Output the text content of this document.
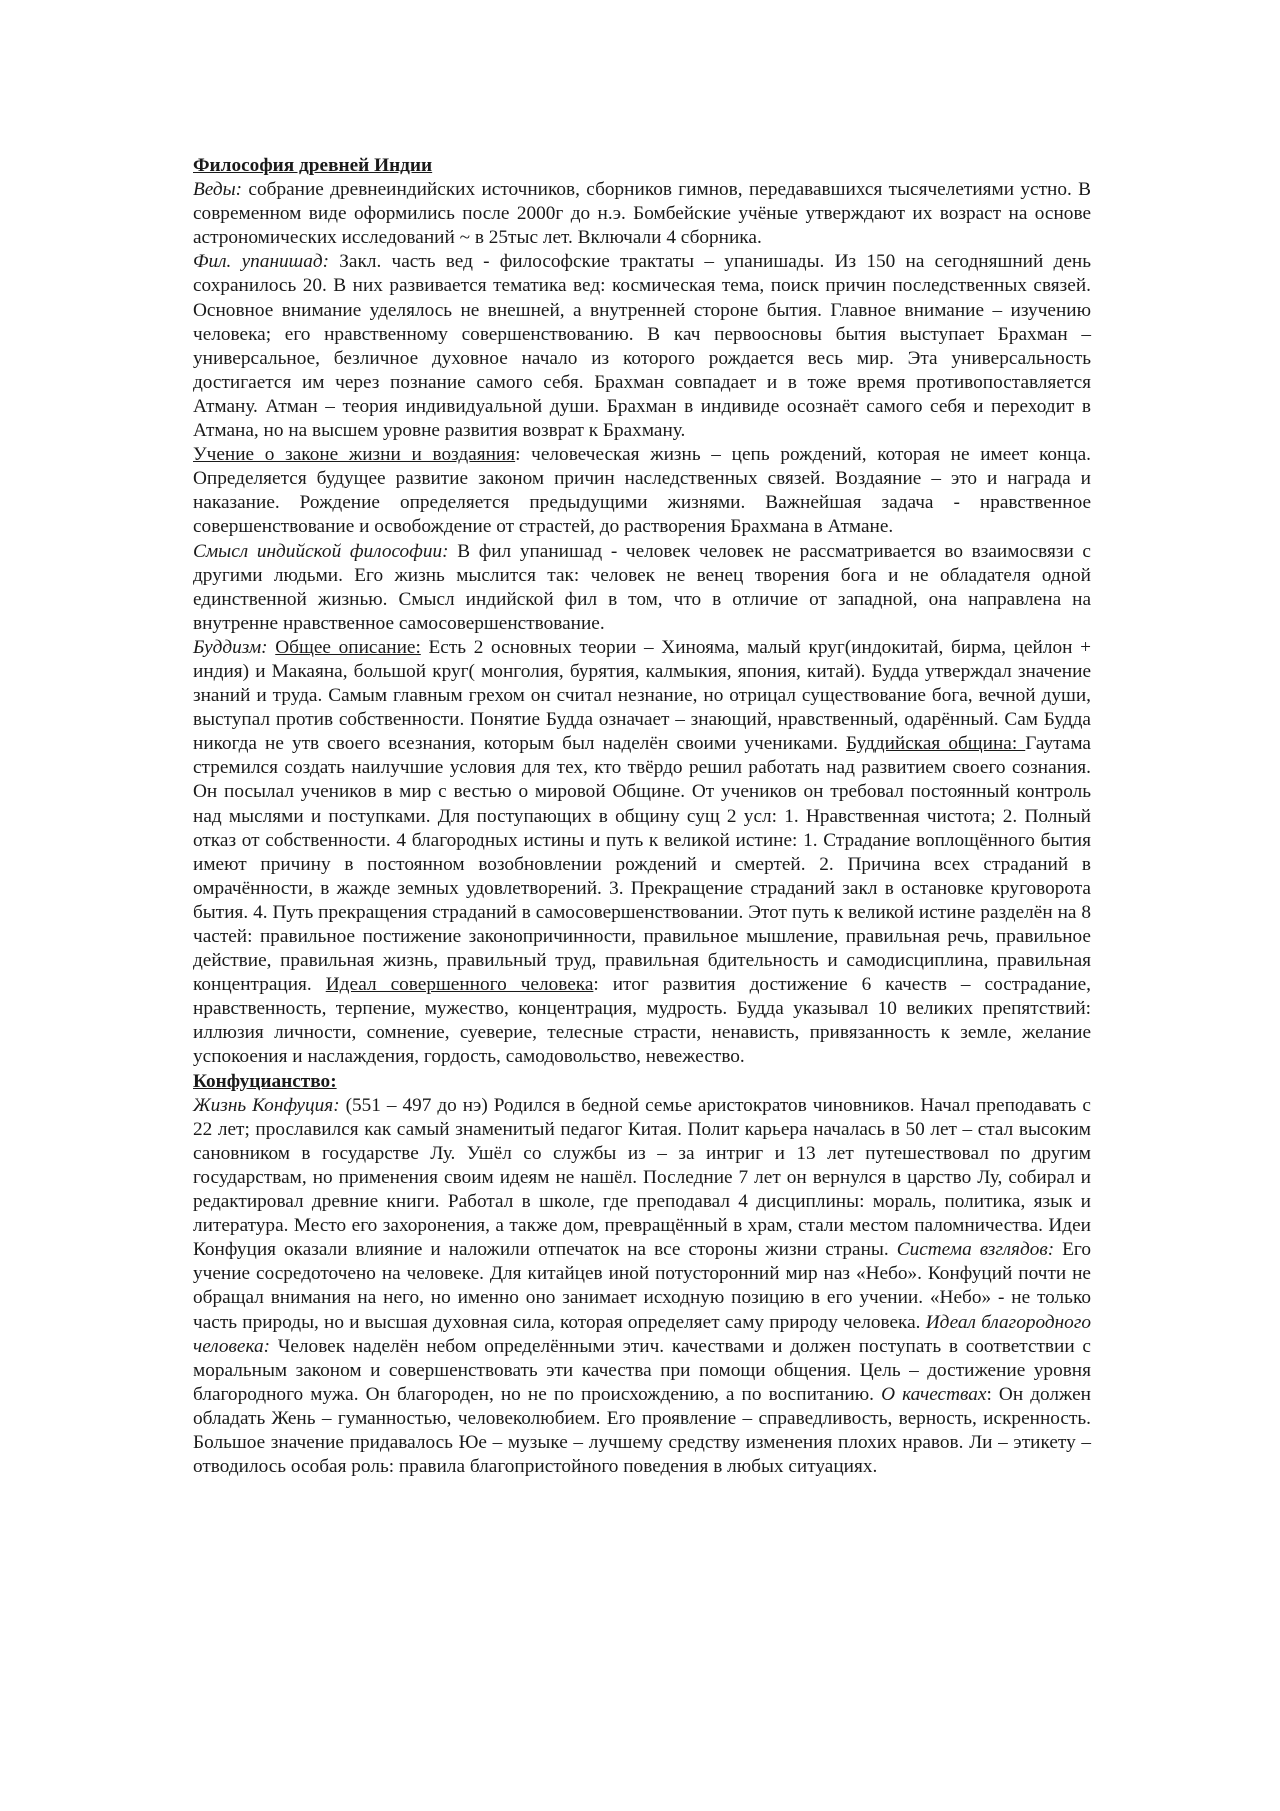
Философия древней Индии
Веды: собрание древнеиндийских источников, сборников гимнов, передававшихся тысячелетиями устно. В современном виде оформились после 2000г до н.э. Бомбейские учёные утверждают их возраст на основе астрономических исследований ~ в 25тыс лет. Включали 4 сборника.
Фил. упанишад: Закл. часть вед - философские трактаты – упанишады. Из 150 на сегодняшний день сохранилось 20. В них развивается тематика вед: космическая тема, поиск причин последственных связей. Основное внимание уделялось не внешней, а внутренней стороне бытия. Главное внимание – изучению человека; его нравственному совершенствованию. В кач первоосновы бытия выступает Брахман – универсальное, безличное духовное начало из которого рождается весь мир. Эта универсальность достигается им через познание самого себя. Брахман совпадает и в тоже время противопоставляется Атману. Атман – теория индивидуальной души. Брахман в индивиде осознаёт самого себя и переходит в Атмана, но на высшем уровне развития возврат к Брахману.
Учение о законе жизни и воздаяния: человеческая жизнь – цепь рождений, которая не имеет конца. Определяется будущее развитие законом причин наследственных связей. Воздаяние – это и награда и наказание. Рождение определяется предыдущими жизнями. Важнейшая задача - нравственное совершенствование и освобождение от страстей, до растворения Брахмана в Атмане.
Смысл индийской философии: В фил упанишад - человек человек не рассматривается во взаимосвязи с другими людьми. Его жизнь мыслится так: человек не венец творения бога и не обладателя одной единственной жизнью. Смысл индийской фил в том, что в отличие от западной, она направлена на внутренне нравственное самосовершенствование.
Буддизм: Общее описание: Есть 2 основных теории – Хинояма, малый круг(индокитай, бирма, цейлон + индия) и Макаяна, большой круг( монголия, бурятия, калмыкия, япония, китай). Будда утверждал значение знаний и труда. Самым главным грехом он считал незнание, но отрицал существование бога, вечной души, выступал против собственности. Понятие Будда означает – знающий, нравственный, одарённый. Сам Будда никогда не утв своего всезнания, которым был наделён своими учениками. Буддийская община: Гаутама стремился создать наилучшие условия для тех, кто твёрдо решил работать над развитием своего сознания. Он посылал учеников в мир с вестью о мировой Общине. От учеников он требовал постоянный контроль над мыслями и поступками. Для поступающих в общину сущ 2 усл: 1. Нравственная чистота; 2. Полный отказ от собственности. 4 благородных истины и путь к великой истине: 1. Страдание воплощённого бытия имеют причину в постоянном возобновлении рождений и смертей. 2. Причина всех страданий в омрачённости, в жажде земных удовлетворений. 3. Прекращение страданий закл в остановке круговорота бытия. 4. Путь прекращения страданий в самосовершенствовании. Этот путь к великой истине разделён на 8 частей: правильное постижение законопричинности, правильное мышление, правильная речь, правильное действие, правильная жизнь, правильный труд, правильная бдительность и самодисциплина, правильная концентрация. Идеал совершенного человека: итог развития достижение 6 качеств – сострадание, нравственность, терпение, мужество, концентрация, мудрость. Будда указывал 10 великих препятствий: иллюзия личности, сомнение, суеверие, телесные страсти, ненависть, привязанность к земле, желание успокоения и наслаждения, гордость, самодовольство, невежество.
Конфуцианство:
Жизнь Конфуция: (551 – 497 до нэ) Родился в бедной семье аристократов чиновников. Начал преподавать с 22 лет; прославился как самый знаменитый педагог Китая. Полит карьера началась в 50 лет – стал высоким сановником в государстве Лу. Ушёл со службы из – за интриг и 13 лет путешествовал по другим государствам, но применения своим идеям не нашёл. Последние 7 лет он вернулся в царство Лу, собирал и редактировал древние книги. Работал в школе, где преподавал 4 дисциплины: мораль, политика, язык и литература. Место его захоронения, а также дом, превращённый в храм, стали местом паломничества. Идеи Конфуция оказали влияние и наложили отпечаток на все стороны жизни страны. Система взглядов: Его учение сосредоточено на человеке. Для китайцев иной потусторонний мир наз «Небо». Конфуций почти не обращал внимания на него, но именно оно занимает исходную позицию в его учении. «Небо» - не только часть природы, но и высшая духовная сила, которая определяет саму природу человека. Идеал благородного человека: Человек наделён небом определёнными этич. качествами и должен поступать в соответствии с моральным законом и совершенствовать эти качества при помощи общения. Цель – достижение уровня благородного мужа. Он благороден, но не по происхождению, а по воспитанию. О качествах: Он должен обладать Жень – гуманностью, человеколюбием. Его проявление – справедливость, верность, искренность. Большое значение придавалось Юе – музыке – лучшему средству изменения плохих нравов. Ли – этикету – отводилось особая роль: правила благопристойного поведения в любых ситуациях.
